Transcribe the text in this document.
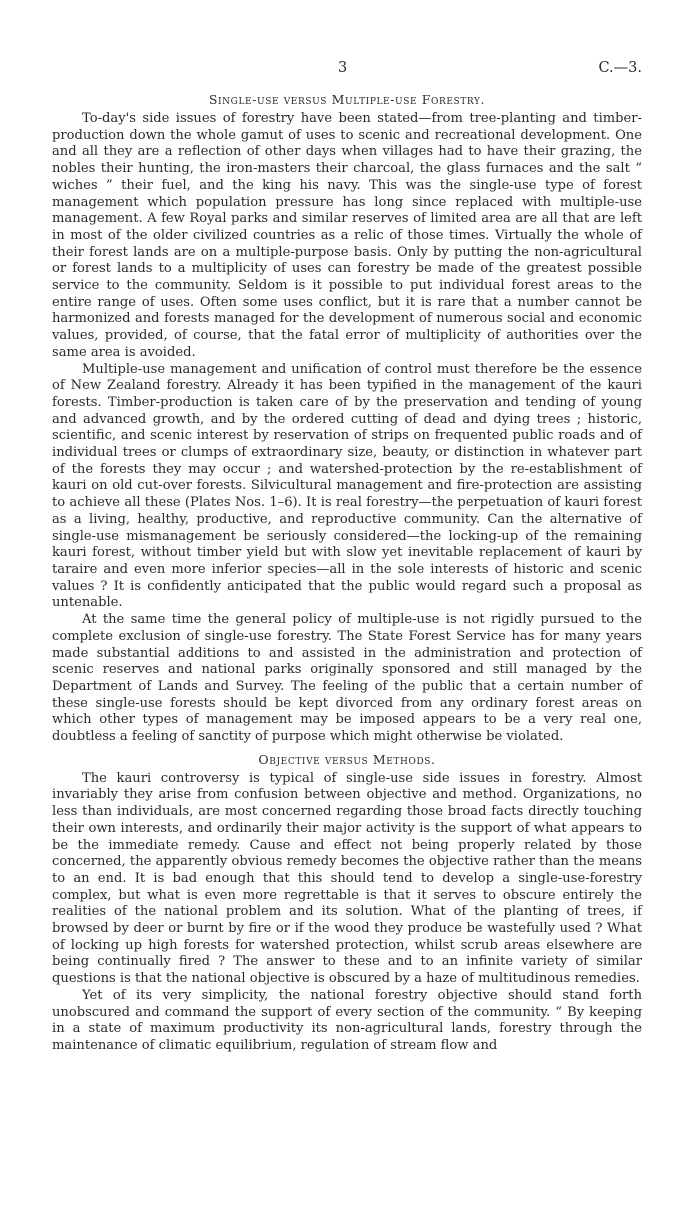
3	C.—3.
Single-use versus Multiple-use Forestry.

To-day's side issues of forestry have been stated—from tree-planting and timber-production down the whole gamut of uses to scenic and recreational development. One and all they are a reflection of other days when villages had to have their grazing, the nobles their hunting, the iron-masters their charcoal, the glass furnaces and the salt “ wiches ” their fuel, and the king his navy. This was the single-use type of forest management which population pressure has long since replaced with multiple-use management. A few Royal parks and similar reserves of limited area are all that are left in most of the older civilized countries as a relic of those times. Virtually the whole of their forest lands are on a multiple-purpose basis. Only by putting the non-agricultural or forest lands to a multiplicity of uses can forestry be made of the greatest possible service to the community. Seldom is it possible to put individual forest areas to the entire range of uses. Often some uses conflict, but it is rare that a number cannot be harmonized and forests managed for the development of numerous social and economic values, provided, of course, that the fatal error of multiplicity of authorities over the same area is avoided.

Multiple-use management and unification of control must therefore be the essence of New Zealand forestry. Already it has been typified in the management of the kauri forests. Timber-production is taken care of by the preservation and tending of young and advanced growth, and by the ordered cutting of dead and dying trees ; historic, scientific, and scenic interest by reservation of strips on frequented public roads and of individual trees or clumps of extraordinary size, beauty, or distinction in whatever part of the forests they may occur ; and watershed-protection by the re-establishment of kauri on old cut-over forests. Silvicultural management and fire-protection are assisting to achieve all these (Plates Nos. 1–6). It is real forestry—the perpetuation of kauri forest as a living, healthy, productive, and reproductive community. Can the alternative of single-use mismanagement be seriously considered—the locking-up of the remaining kauri forest, without timber yield but with slow yet inevitable replacement of kauri by taraire and even more inferior species—all in the sole interests of historic and scenic values ? It is confidently anticipated that the public would regard such a proposal as untenable.

At the same time the general policy of multiple-use is not rigidly pursued to the complete exclusion of single-use forestry. The State Forest Service has for many years made substantial additions to and assisted in the administration and protection of scenic reserves and national parks originally sponsored and still managed by the Department of Lands and Survey. The feeling of the public that a certain number of these single-use forests should be kept divorced from any ordinary forest areas on which other types of management may be imposed appears to be a very real one, doubtless a feeling of sanctity of purpose which might otherwise be violated.

Objective versus Methods.

The kauri controversy is typical of single-use side issues in forestry. Almost invariably they arise from confusion between objective and method. Organizations, no less than individuals, are most concerned regarding those broad facts directly touching their own interests, and ordinarily their major activity is the support of what appears to be the immediate remedy. Cause and effect not being properly related by those concerned, the apparently obvious remedy becomes the objective rather than the means to an end. It is bad enough that this should tend to develop a single-use-forestry complex, but what is even more regrettable is that it serves to obscure entirely the realities of the national problem and its solution. What of the planting of trees, if browsed by deer or burnt by fire or if the wood they produce be wastefully used ? What of locking up high forests for watershed protection, whilst scrub areas elsewhere are being continually fired ? The answer to these and to an infinite variety of similar questions is that the national objective is obscured by a haze of multitudinous remedies.

Yet of its very simplicity, the national forestry objective should stand forth unobscured and command the support of every section of the community. “ By keeping in a state of maximum productivity its non-agricultural lands, forestry through the maintenance of climatic equilibrium, regulation of stream flow and
